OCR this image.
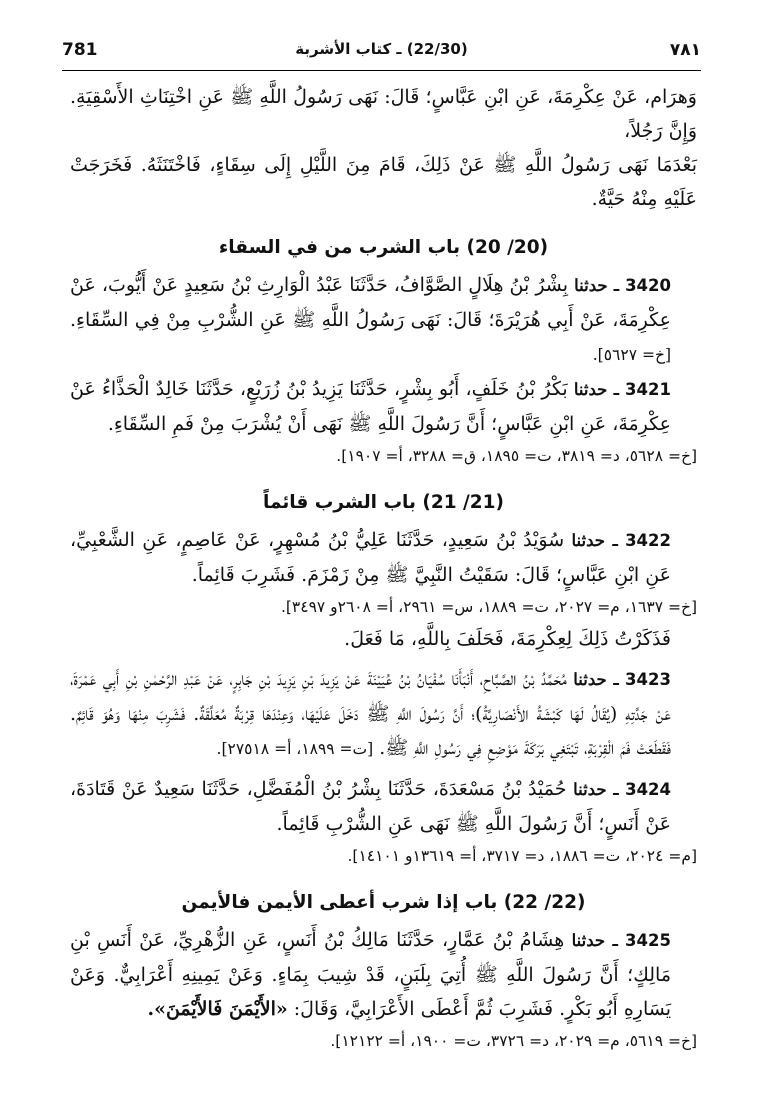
781	(22/30) ـ كتاب الأشربة	٧٨١

وَهرَام، عَنْ عِكْرِمَةَ، عَنِ ابْنِ عَبَّاسٍ؛ قَالَ: نَهَى رَسُولُ اللَّهِ ﷺ عَنِ اخْتِنَاثِ الأَسْقِيَةِ. وَإِنَّ رَجُلاً،

بَعْدَمَا نَهَى رَسُولُ اللَّهِ ﷺ عَنْ ذَلِكَ، قَامَ مِنَ اللَّيْلِ إِلَى سِقَاءٍ، فَاخْتَنَثَهُ. فَخَرَجَتْ عَلَيْهِ مِنْهُ حَيَّةٌ.

(20/ 20) باب الشرب من في السقاء

3420 ـ حدثنا بِشْرُ بْنُ هِلَالٍ الصَّوَّافُ، حَدَّثَنَا عَبْدُ الْوَارِثِ بْنُ سَعِيدٍ عَنْ أَيُّوبَ، عَنْ عِكْرِمَةَ، عَنْ أَبِي هُرَيْرَةَ؛ قَالَ: نَهَى رَسُولُ اللَّهِ ﷺ عَنِ الشُّرْبِ مِنْ فِي السِّقَاءِ. [خ= ٥٦٢٧].

3421 ـ حدثنا بَكْرُ بْنُ خَلَفٍ، أَبُو بِشْرٍ، حَدَّثَنَا يَزِيدُ بْنُ زُرَيْعٍ، حَدَّثَنَا خَالِدٌ الْحَذَّاءُ عَنْ عِكْرِمَةَ، عَنِ ابْنِ عَبَّاسٍ؛ أَنَّ رَسُولَ اللَّهِ ﷺ نَهَى أَنْ يُشْرَبَ مِنْ فَمِ السِّقَاءِ.

[خ= ٥٦٢٨، د= ٣٨١٩، ت= ١٨٩٥، ق= ٣٢٨٨، أ= ١٩٠٧].

(21/ 21) باب الشرب قائماً

3422 ـ حدثنا سُوَيْدُ بْنُ سَعِيدٍ، حَدَّثَنَا عَلِيُّ بْنُ مُسْهِرٍ، عَنْ عَاصِمٍ، عَنِ الشَّعْبِيِّ، عَنِ ابْنِ عَبَّاسٍ؛ قَالَ: سَقَيْتُ النَّبِيَّ ﷺ مِنْ زَمْزَمَ. فَشَرِبَ قَائِماً.

[خ= ١٦٣٧، م= ٢٠٢٧، ت= ١٨٨٩، س= ٢٩٦١، أ= ٢٦٠٨و ٣٤٩٧].

فَذَكَرْتُ ذَلِكَ لِعِكْرِمَةَ، فَحَلَفَ بِاللَّهِ، مَا فَعَلَ.

3423 ـ حدثنا مُحَمَّدُ بْنُ الصَّبَّاحِ، أَنْبَأَنَا سُفْيَانُ بْنُ عُيَيْنَةَ عَنْ يَزِيدَ بْنِ يَزِيدَ بْنِ جَابِرٍ، عَنْ عَبْدِ الرَّحْمٰنِ بْنِ أَبِي عَمْرَةَ، عَنْ جَدَّتِهِ (يُقَالُ لَهَا كَبْشَةُ الأَنْصَارِيَّةُ)؛ أَنَّ رَسُولَ اللَّهِ ﷺ دَخَلَ عَلَيْهَا، وَعِنْدَهَا قِرْبَةٌ مُعَلَّقَةٌ. فَشَرِبَ مِنْهَا وَهُوَ قَائِمٌ. فَقَطَعَتْ فَمَ الْقِرْبَةِ، تَبْتَغِي بَرَكَةَ مَوْضِعِ فِي رَسُولِ اللَّهِ ﷺ. [ت= ١٨٩٩، أ= ٢٧٥١٨].

3424 ـ حدثنا حُمَيْدُ بْنُ مَسْعَدَةَ، حَدَّثَنَا بِشْرُ بْنُ الْمُفَضَّلِ، حَدَّثَنَا سَعِيدٌ عَنْ قَتَادَةَ، عَنْ أَنَسٍ؛ أَنَّ رَسُولَ اللَّهِ ﷺ نَهَى عَنِ الشُّرْبِ قَائِماً.

[م= ٢٠٢٤، ت= ١٨٨٦، د= ٣٧١٧، أ= ١٣٦١٩و ١٤١٠١].

(22/ 22) باب إذا شرب أعطى الأيمن فالأيمن

3425 ـ حدثنا هِشَامُ بْنُ عَمَّارٍ، حَدَّثَنَا مَالِكُ بْنُ أَنَسٍ، عَنِ الزُّهْرِيِّ، عَنْ أَنَسِ بْنِ مَالِكٍ؛ أَنَّ رَسُولَ اللَّهِ ﷺ أُتِيَ بِلَبَنٍ، قَدْ شِيبَ بِمَاءٍ. وَعَنْ يَمِينِهِ أَعْرَابِيٌّ. وَعَنْ يَسَارِهِ أَبُو بَكْرٍ. فَشَرِبَ ثُمَّ أَعْطَى الأَعْرَابِيَّ، وَقَالَ: «الأَيْمَنَ فَالأَيْمَنَ».

[خ= ٥٦١٩، م= ٢٠٢٩، د= ٣٧٢٦، ت= ١٩٠٠، أ= ١٢١٢٢].
